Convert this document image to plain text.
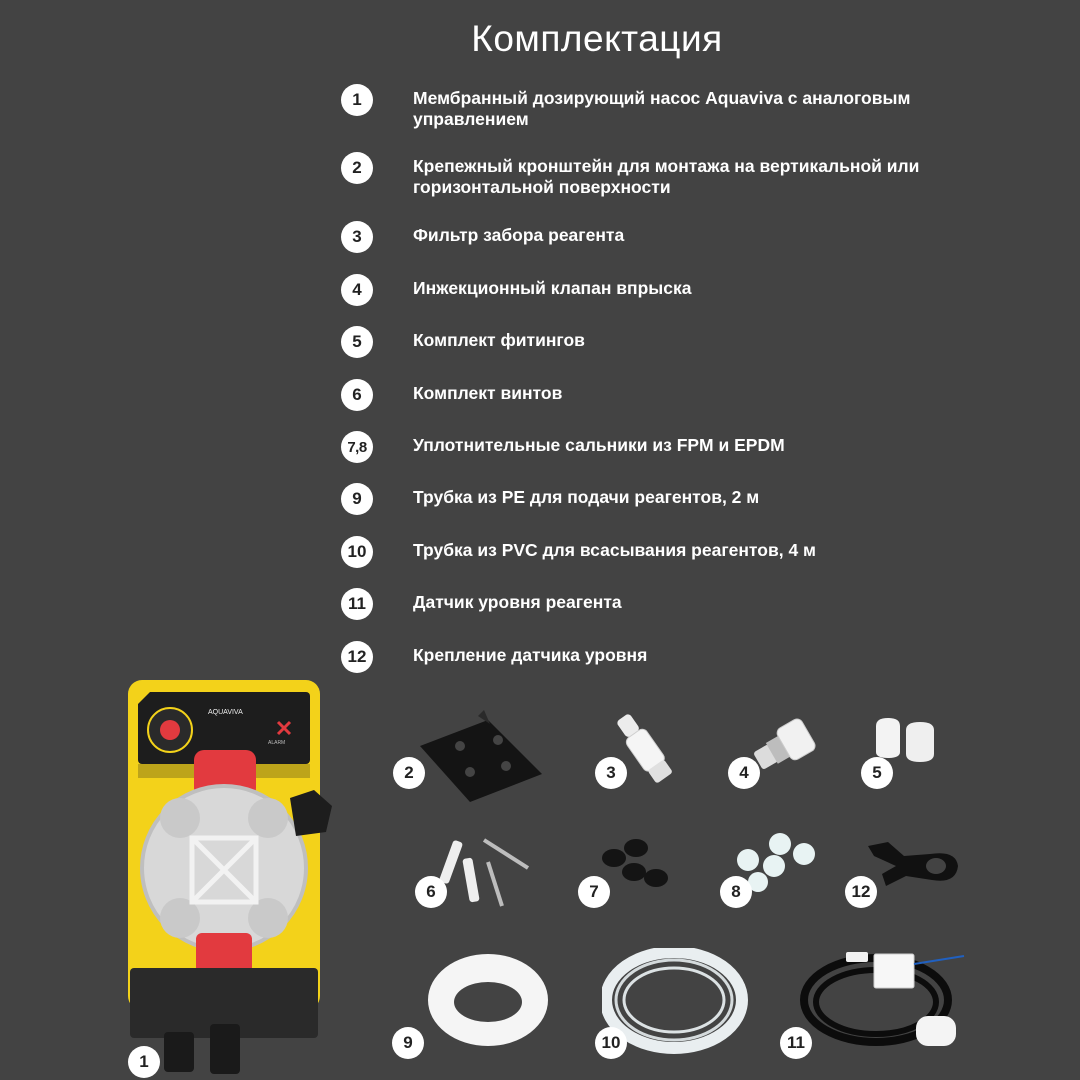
Комплектация
1	Мембранный дозирующий насос Aquaviva с аналоговым управлением
2	Крепежный кронштейн для монтажа на вертикальной или горизонтальной поверхности
3	Фильтр забора реагента
4	Инжекционный клапан впрыска
5	Комплект фитингов
6	Комплект винтов
7,8	Уплотнительные сальники из FPM и EPDM
9	Трубка из PE для подачи реагентов, 2 м
10	Трубка из PVC для всасывания реагентов, 4 м
11	Датчик уровня реагента
12	Крепление датчика уровня
AQUAVIVA
ALARM
1
2	3	4	5
6	7	8	12
9	10	11
